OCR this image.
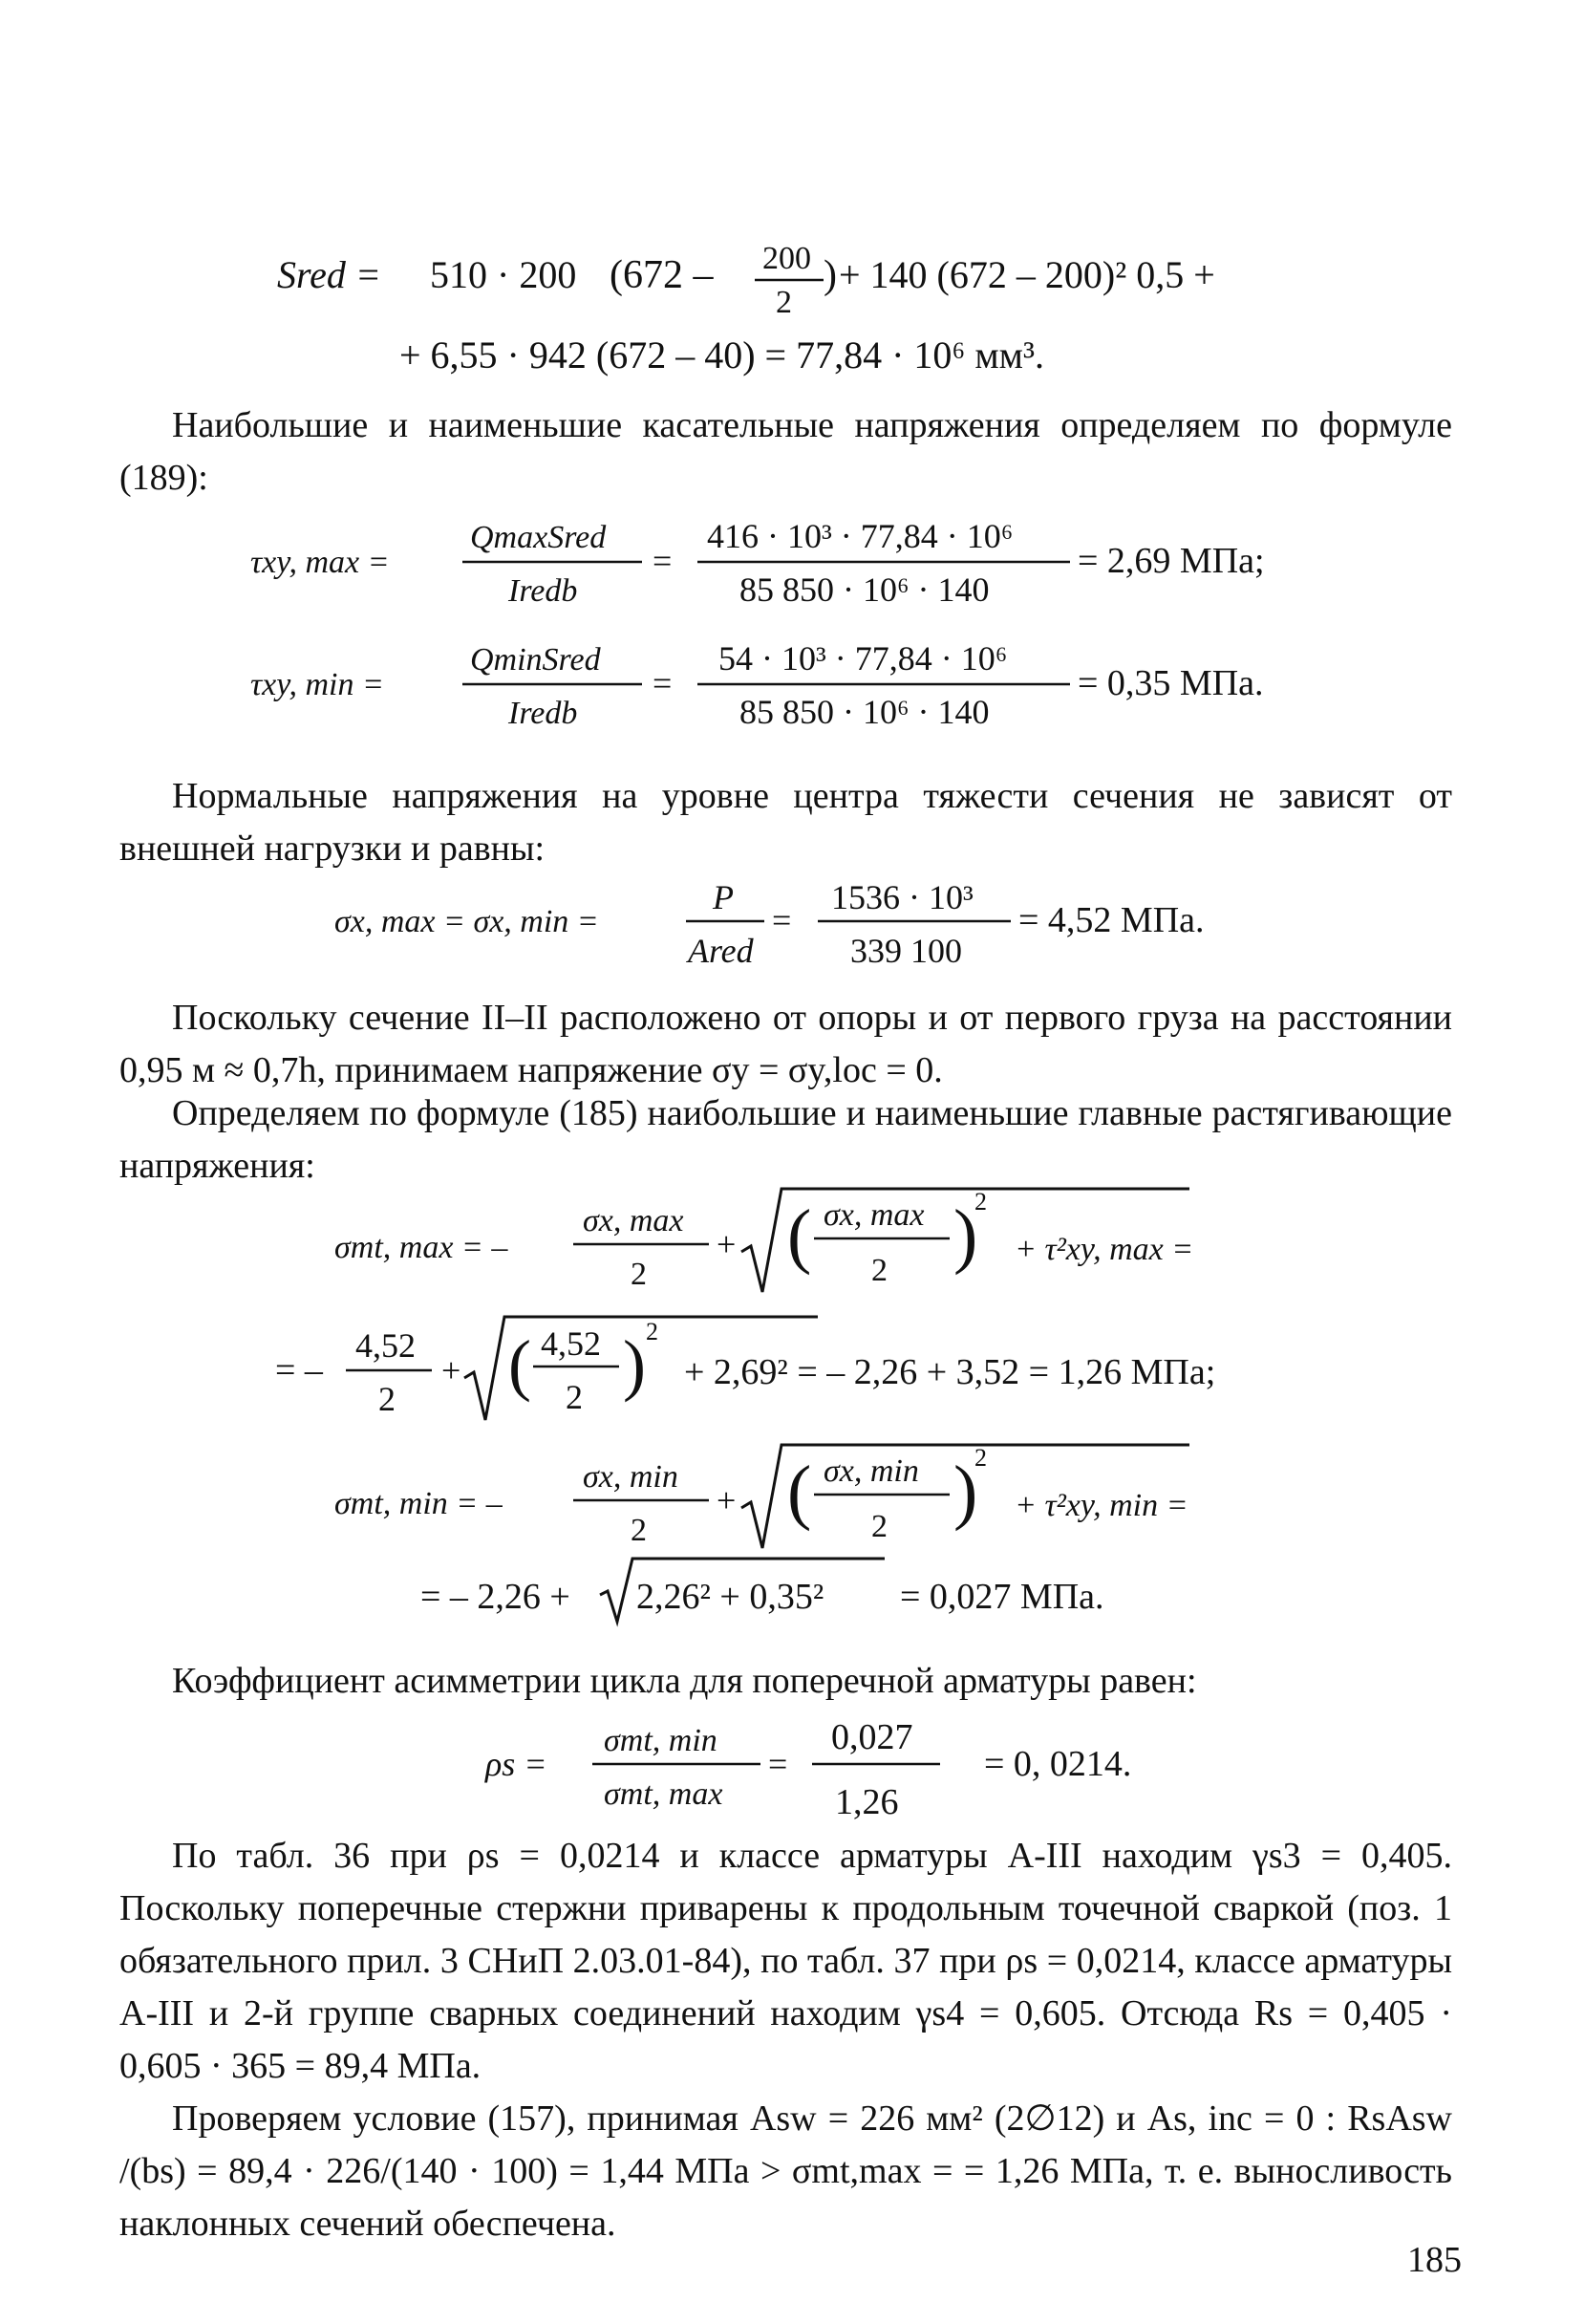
Sred = 510 · 200 (672 – 200
2
) + 140 (672 – 200)² 0,5 +
+ 6,55 · 942 (672 – 40) = 77,84 · 10⁶ мм³.

Наибольшие и наименьшие касательные напряжения определяем по формуле (189):

τxy, max =
QmaxSred
Iredb
=
416 · 10³ · 77,84 · 10⁶
85 850 · 10⁶ · 140
= 2,69 МПа;
τxy, min =
QminSred
Iredb
=
54 · 10³ · 77,84 · 10⁶
85 850 · 10⁶ · 140
= 0,35 МПа.

Нормальные напряжения на уровне центра тяжести сечения не зависят от внешней нагрузки и равны:

σx, max = σx, min =
P
Ared
=
1536 · 10³
339 100
= 4,52 МПа.

Поскольку сечение II–II расположено от опоры и от первого груза на расстоянии 0,95 м ≈ 0,7h, принимаем напряжение σy = σy,loc = 0.

Определяем по формуле (185) наибольшие и наименьшие главные растягивающие напряжения:

σmt, max = –
σx, max
2
+ ( σx, max
2 )
2
+ τ²xy, max =
= –
4,52
2
+ ( 4,52
2 ) 2
+ 2,69² = – 2,26 + 3,52 = 1,26 МПа;
σmt, min = –
σx, min
2
+ ( σx, min
2 )
2
+ τ²xy, min =
= – 2,26 + 2,26² + 0,35² = 0,027 МПа.

Коэффициент асимметрии цикла для поперечной арматуры равен:

ρs =
σmt, min
σmt, max
=
0,027
1,26
= 0, 0214.

По табл. 36 при ρs = 0,0214 и классе арматуры А-III находим γs3 = 0,405. Поскольку поперечные стержни приварены к продольным точечной сваркой (поз. 1 обязательного прил. 3 СНиП 2.03.01-84), по табл. 37 при ρs = 0,0214, классе арматуры А-III и 2-й группе сварных соединений находим γs4 = 0,605. Отсюда Rs = 0,405 · 0,605 · 365 = 89,4 МПа.

Проверяем условие (157), принимая Asw = 226 мм² (2∅12) и As, inc = 0 : RsAsw /(bs) = 89,4 · 226/(140 · 100) = 1,44 МПа > σmt,max = = 1,26 МПа, т. е. выносливость наклонных сечений обеспечена.

185
